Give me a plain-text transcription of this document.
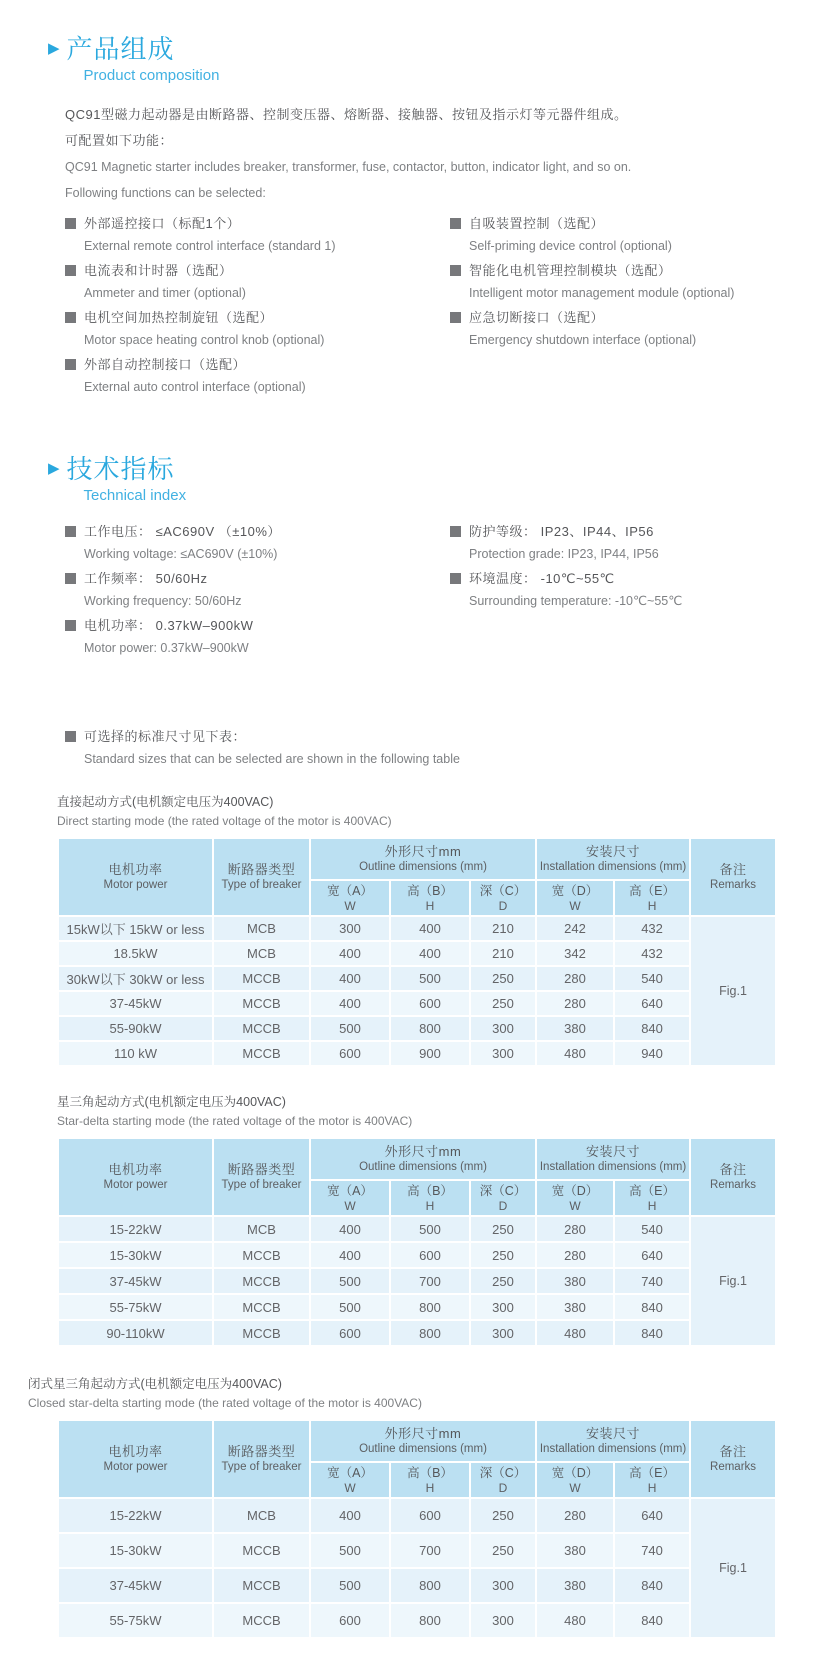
▶ 产品组成
Product composition

QC91型磁力起动器是由断路器、控制变压器、熔断器、接触器、按钮及指示灯等元器件组成。

可配置如下功能：

QC91 Magnetic starter includes breaker, transformer, fuse, contactor, button, indicator light, and so on.

Following functions can be selected:

外部遥控接口（标配1个）
External remote control interface (standard 1)
电流表和计时器（选配）
Ammeter and timer (optional)
电机空间加热控制旋钮（选配）
Motor space heating control knob (optional)
外部自动控制接口（选配）
External auto control interface (optional)
自吸装置控制（选配）
Self-priming device control (optional)
智能化电机管理控制模块（选配）
Intelligent motor management module (optional)
应急切断接口（选配）
Emergency shutdown interface (optional)
▶ 技术指标
Technical index
工作电压： ≤AC690V （±10%）
Working voltage: ≤AC690V (±10%)
工作频率： 50/60Hz
Working frequency: 50/60Hz
电机功率： 0.37kW–900kW
Motor power: 0.37kW–900kW
防护等级： IP23、IP44、IP56
Protection grade: IP23, IP44, IP56
环境温度： -10℃~55℃
Surrounding temperature: -10℃~55℃
可选择的标准尺寸见下表：
Standard sizes that can be selected are shown in the following table
直接起动方式(电机额定电压为400VAC)
Direct starting mode (the rated voltage of the motor is 400VAC)
电机功率
Motor power	断路器类型
Type of breaker	外形尺寸mm
Outline dimensions (mm)			安装尺寸
Installation dimensions (mm)		备注
Remarks

		宽（A）
W	高（B）
H	深（C）
D	宽（D）
W	高（E）
H	

15kW以下 15kW or less	MCB	300	400	210	242	432	Fig.1
18.5kW	MCB	400	400	210	342	432	
30kW以下 30kW or less	MCCB	400	500	250	280	540	
37-45kW	MCCB	400	600	250	280	640	
55-90kW	MCCB	500	800	300	380	840	
110 kW	MCCB	600	900	300	480	940	
星三角起动方式(电机额定电压为400VAC)
Star-delta starting mode (the rated voltage of the motor is 400VAC)
电机功率
Motor power	断路器类型
Type of breaker	外形尺寸mm
Outline dimensions (mm)			安装尺寸
Installation dimensions (mm)		备注
Remarks

		宽（A）
W	高（B）
H	深（C）
D	宽（D）
W	高（E）
H	

15-22kW	MCB	400	500	250	280	540	Fig.1
15-30kW	MCCB	400	600	250	280	640	
37-45kW	MCCB	500	700	250	380	740	
55-75kW	MCCB	500	800	300	380	840	
90-110kW	MCCB	600	800	300	480	840	
闭式星三角起动方式(电机额定电压为400VAC)
Closed star-delta starting mode (the rated voltage of the motor is 400VAC)
电机功率
Motor power	断路器类型
Type of breaker	外形尺寸mm
Outline dimensions (mm)			安装尺寸
Installation dimensions (mm)		备注
Remarks

		宽（A）
W	高（B）
H	深（C）
D	宽（D）
W	高（E）
H	

15-22kW	MCB	400	600	250	280	640	Fig.1
15-30kW	MCCB	500	700	250	380	740	
37-45kW	MCCB	500	800	300	380	840	
55-75kW	MCCB	600	800	300	480	840	
